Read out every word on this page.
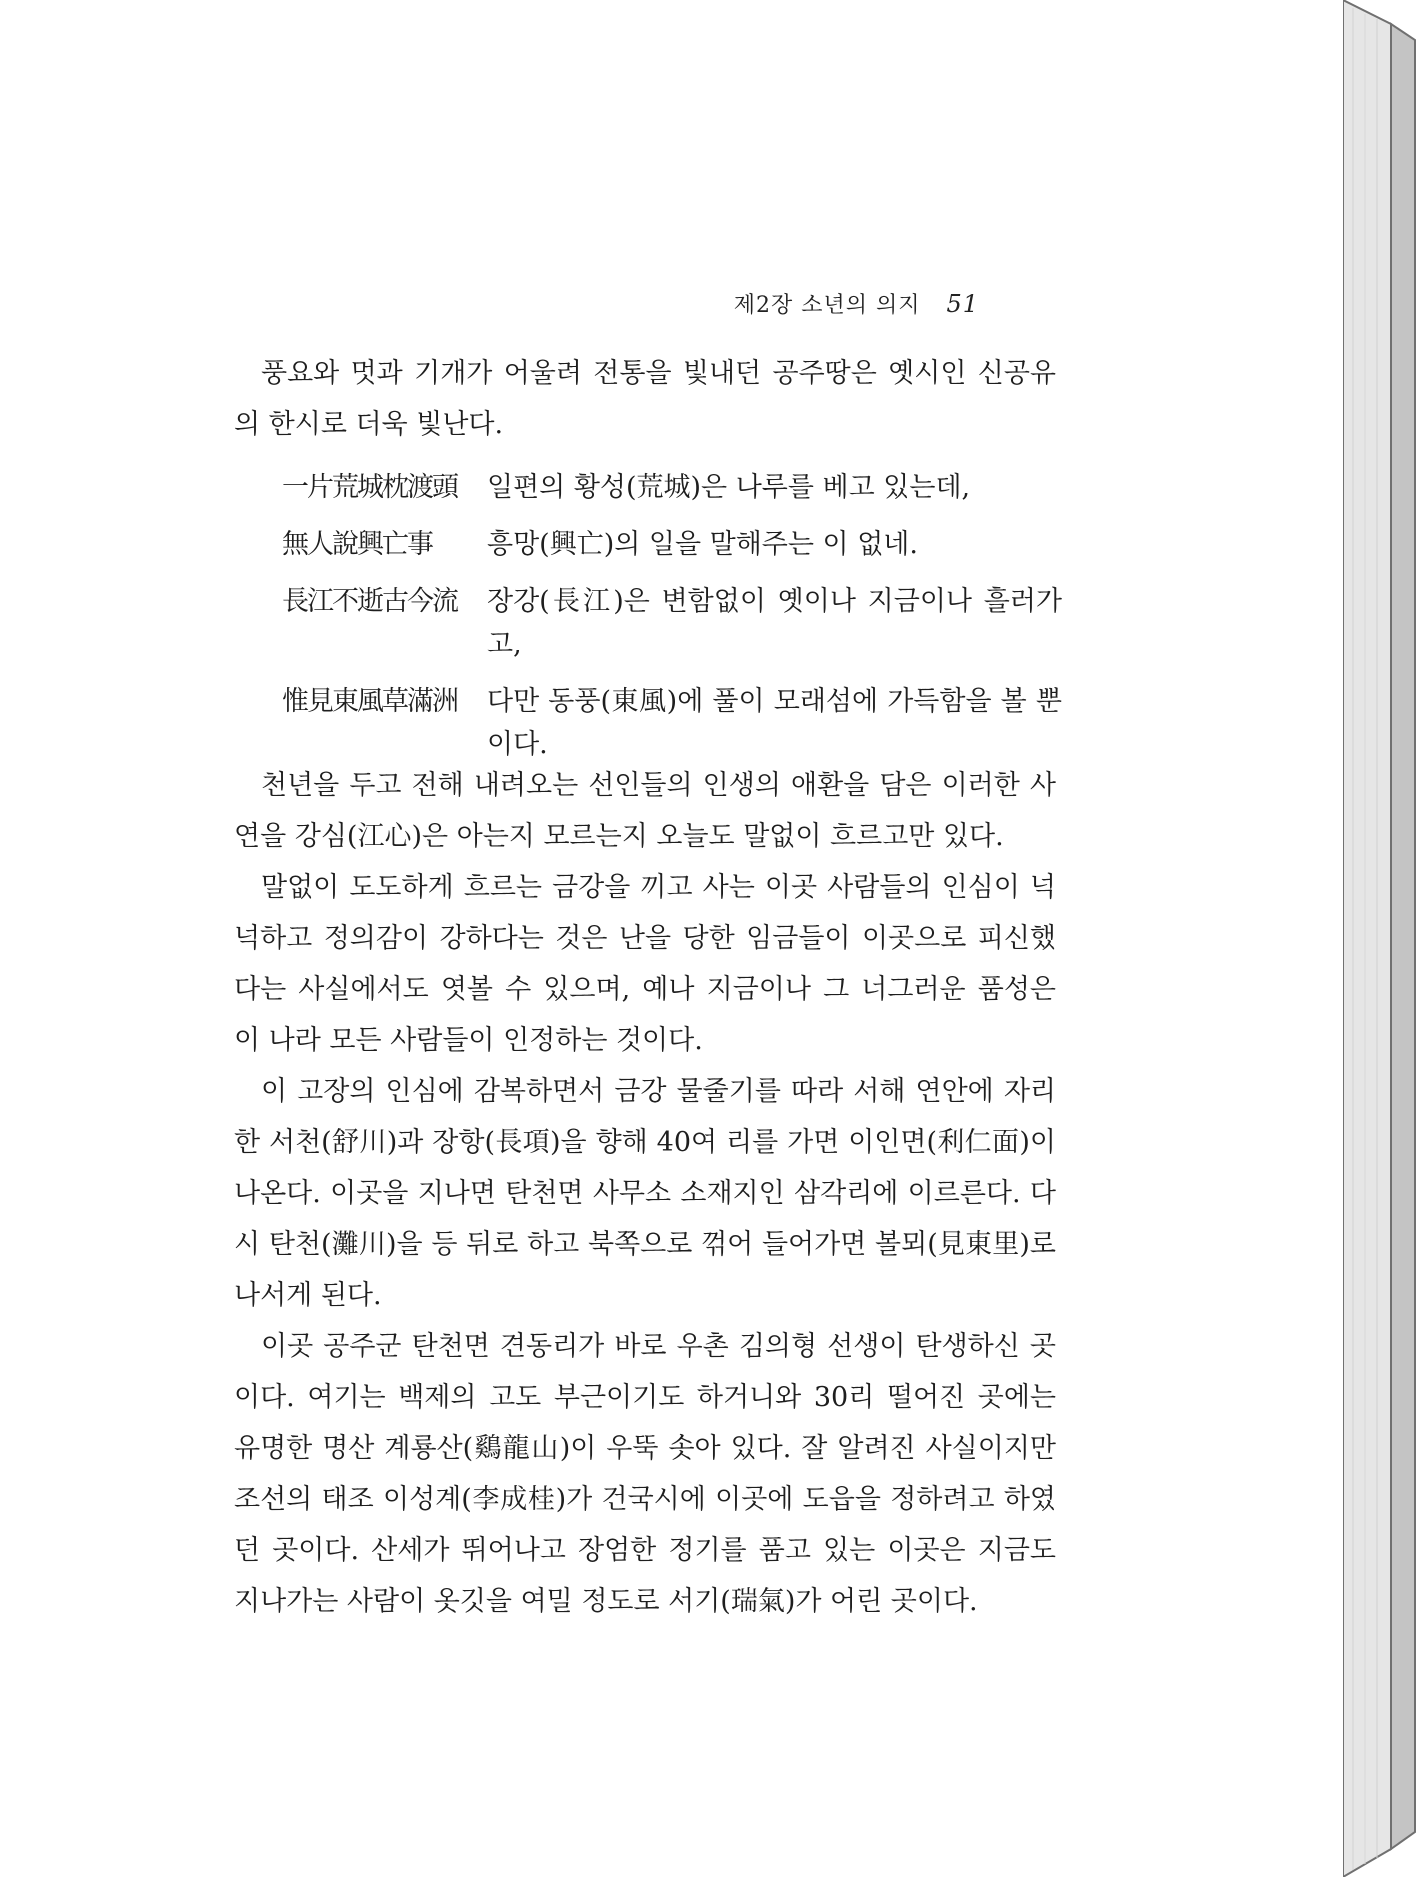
제2장 소년의 의지 51

풍요와 멋과 기개가 어울려 전통을 빛내던 공주땅은 옛시인 신공유의 한시로 더욱 빛난다.

一片荒城枕渡頭	일편의 황성(荒城)은 나루를 베고 있는데,
無人說興亡事	흥망(興亡)의 일을 말해주는 이 없네.
長江不逝古今流	장강(長江)은 변함없이 옛이나 지금이나 흘러가고,
惟見東風草滿洲	다만 동풍(東風)에 풀이 모래섬에 가득함을 볼 뿐이다.

천년을 두고 전해 내려오는 선인들의 인생의 애환을 담은 이러한 사연을 강심(江心)은 아는지 모르는지 오늘도 말없이 흐르고만 있다.

말없이 도도하게 흐르는 금강을 끼고 사는 이곳 사람들의 인심이 넉넉하고 정의감이 강하다는 것은 난을 당한 임금들이 이곳으로 피신했다는 사실에서도 엿볼 수 있으며, 예나 지금이나 그 너그러운 품성은 이 나라 모든 사람들이 인정하는 것이다.

이 고장의 인심에 감복하면서 금강 물줄기를 따라 서해 연안에 자리한 서천(舒川)과 장항(長項)을 향해 40여 리를 가면 이인면(利仁面)이 나온다. 이곳을 지나면 탄천면 사무소 소재지인 삼각리에 이르른다. 다시 탄천(灘川)을 등 뒤로 하고 북쪽으로 꺾어 들어가면 볼뫼(見東里)로 나서게 된다.

이곳 공주군 탄천면 견동리가 바로 우촌 김의형 선생이 탄생하신 곳이다. 여기는 백제의 고도 부근이기도 하거니와 30리 떨어진 곳에는 유명한 명산 계룡산(鷄龍山)이 우뚝 솟아 있다. 잘 알려진 사실이지만 조선의 태조 이성계(李成桂)가 건국시에 이곳에 도읍을 정하려고 하였던 곳이다. 산세가 뛰어나고 장엄한 정기를 품고 있는 이곳은 지금도 지나가는 사람이 옷깃을 여밀 정도로 서기(瑞氣)가 어린 곳이다.
